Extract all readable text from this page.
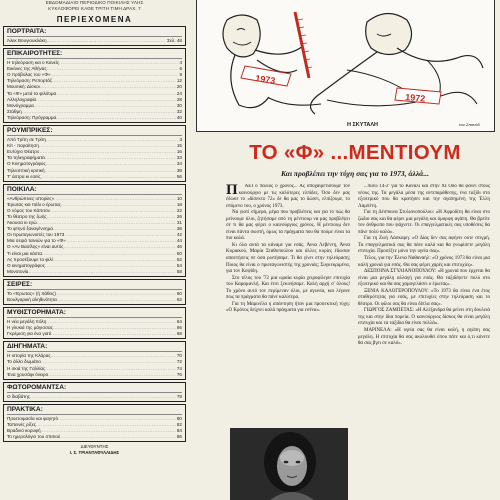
ΕΒΔΟΜΑΔΙΑΙΟ ΠΕΡΙΟΔΙΚΟ ΠΟΙΚΙΛΗΣ ΥΛΗΣ
ΚΥΚΛΟΦΟΡΕΙ ΚΑΘΕ ΤΡΙΤΗ ΤΙΜΗ ΔΡΑΧ. 7
ΠΕΡΙΕΧΟΜΕΝΑ
ΠΟΡΤΡΑΙΤΑ:
Άλεκ Βουγιουκλάκη .....	Σελ. 48
ΕΠΙΚΑΙΡΟΤΗΤΕΣ:
Η τηλεόραση και ο Κανείς .....	4
Εικόνες της Αθήνας .....	6
Ο πρόβολας του «Φ» .....	8
Τηλεόραση: Ρεπορτάζ .....	12
Μουσική: Δίσκοι .....	20
Τα «Φ» μετά τα φιλότιμα .....	24
Αλληλογραφία .....	28
Μονόγραμμα .....	30
Στάθμη .....	32
Τηλεόραση: Πρόγραμμα .....	40
ΡΟΥΜΠΡΙΚΕΣ:
Από Τρίτη σε Τρίτη .....	3
Κίτ - παραίτηση .....	15
Ευτύχιο Θέατρο .....	16
Τα τηλεγραφήματα .....	33
Ο Κινηματογράφος .....	34
Τηλεοπτική κριτική .....	38
Τ' άστρα κι εσείς .....	56
ΠΟΙΚΙΛΑ:
«Ανθρώπινες ιστορίες» .....	10
Έρωτας και πάλι ο έρωτας .....	18
Ο νόμος του Κάπιτον .....	22
Το θέατρο της ζωής .....	26
Άκουσα κι εγώ .....	31
Το φτηνό ξαναγέννημα .....	36
Οι πρωταγωνιστές του 1973 .....	42
Μια σειρά ταινιών για το «Φ» .....	44
Ο «Αν Βασίλης» είναι αυτός .....	46
Τι είναι μια κάστα .....	50
Ας προσέξουμε το φιλί .....	52
Ο κινηματογράφος .....	54
Μονοτονία .....	58
ΣΕΙΡΕΣ:
Το «Έρωτας» (ή πάθος) .....	60
Βουλγαρική αληθινότητα .....	62
ΜΥΘΙΣΤΟΡΗΜΑΤΑ:
Η νέα μεγάλη πόλη .....	64
Η γλυκιά της μάγισσας .....	66
Γκρέμιση για ένα γιατί .....	68
ΔΙΗΓΗΜΑΤΑ:
Η ιστορία της Κλάρας .....	70
Το άλλο δωμάτιο .....	72
Η σκιά της Γαλλίας .....	74
Ένα χρυσάφι όνειρο .....	76
ΦΩΤΟΡΟΜΑΝΤΣΑ:
Ο διαβάτης .....	78
ΠΡΑΚΤΙΚΑ:
Προετοιμασία και φαγητό .....	80
Ταπεινές ρίζες .....	82
Βραδινό κορυφή .....	84
Το ημερολόγιο του σπιτιού .....	86
ΔΙΕΥΘΥΝΤΗΣ
Ι. Σ. ΤΡΙΑΝΤΑΦΥΛΛΙΔΗΣ
1973
1972
Η ΣΚΥΤΑΛΗ	του Σπανόδ
ΤΟ «Φ» ...ΜΕΝΤΙΟΥΜ
Και προβλέπει την τύχη σας για το 1973, άλλά...
Π	ΑΕΙ ο παλιός ο χρόνος... Ας αποχαιρετίσουμε τον καινούργιο με τις καλύτερες ελπίδες. Όσο δεν μας έδωσε το «δίσεκτο 72» δε θα μας το δώσει, ελπίζουμε, το επόμενο του, ο χρόνος 1973.

Να γιατί σήμερα, μέρα που προβλέπεις και για το πώς θα μείνουμε όλοι, ζητήσαμε από τη μέντιουμ να μας προβλέψει σε τι θα μας φέρει ο καινούργιος χρόνος. Η μέντιουμ δεν είναι πάντα σωστή, όμως τα πράγματα που θα πούμε είναι τα πιο καλά.

Κι όλα αυτά τα κάναμε για εσάς. Άννα Λεβέντη, Άννα Κυριακού, Μαρία Σταθοπούλου και άλλες κυρίες έδωσαν απαντήσεις σε όσα ρωτήσαμε. Τι θα γίνει στην τηλεόραση; Ποιος θα είναι ο πρωταγωνιστής της χρονιάς; Συγκεκριμένα, για τον Κοψίδη.

Στο τέλος του '72 μια ωραία κυρία χειροφίλησε επιτυχία του Καραμανλή. Και έτσι ξεκινήσαμε. Καλή αρχή σ' όλους! Το χρόνο αυτό τον περίμεναν όλοι, με αγωνία, και λέγανε πως τα πράγματα θα πάνε καλύτερα.

Για τη Μαρινέλα η απάντηση ήταν μια προσεκτική τύχη: «Ο Κρόνος δείχνει καλά πράγματα για εσένα».

...πίσω 14-2' για το Κανάλι και στην ΧΙ Οδό θα φανεί στους νέους της. Τα μεγάλα μέσα της αντιπαράθεσης, ένα ταξίδι στο εξωτερικό που θα κρατήσει και την αγαπημένη της Έλλη Λαμπέτη.

Για τη Δέσποινα Στυλιανοπούλου: «Η Αφροδίτη θα είναι στο ζώδιο σας και θα φέρει μια μεγάλη και όμορφη αγάπη. Θα βρείτε τον άνθρωπο που ψάχνετε. Οι επαγγελματικές σας υποθέσεις θα πάνε πολύ καλά».

Για τη Ζωή Λάσκαρη: «Ο Δίας δεν σας αφήνει ούτε στιγμή. Τα επαγγελματικά σας θα πάνε καλά και θα γνωρίσετε μεγάλη επιτυχία. Προσέξτε μόνο την υγεία σας».

Τέλος, για την Έλενα Ναθαναήλ: «Ο χρόνος 1973 θα είναι μια καλή χρονιά για εσάς. Θα σας φέρει χαρές και επιτυχίες».

ΔΕΣΠΟΙΝΑ ΣΤΥΛΙΑΝΟΠΟΥΛΟΥ: «Η χρονιά που έρχεται θα είναι μια μεγάλη αλλαγή για εσάς. Θα ταξιδέψετε πολύ στο εξωτερικό και θα σας χαμογελάσει ο έρωτας».

ΞΕΝΙΑ ΚΑΛΟΓΕΡΟΠΟΥΛΟΥ: «Το 1973 θα είναι ένα έτος σταθερότητας για εσάς, με επιτυχίες στην τηλεόραση και το θέατρο. Οι φίλοι σας θα είναι δίπλα σας».

ΓΙΩΡΓΟΣ ΖΑΜΠΕΤΑΣ: «Η Αλέξανδρα θα μείνει στη δουλειά της και στην ίδια πορεία. Ο καινούργιος δίσκος θα είναι μεγάλη επιτυχία και τα ταξίδια θα είναι πολλά».

ΜΑΡΙΝΕΛΑ: «Η υγεία σας θα είναι καλή, η αγάπη σας μεγάλη. Η επιτυχία θα σας ακολουθεί όπου πάτε και ό,τι κάνετε θα σας βγει σε καλό».
